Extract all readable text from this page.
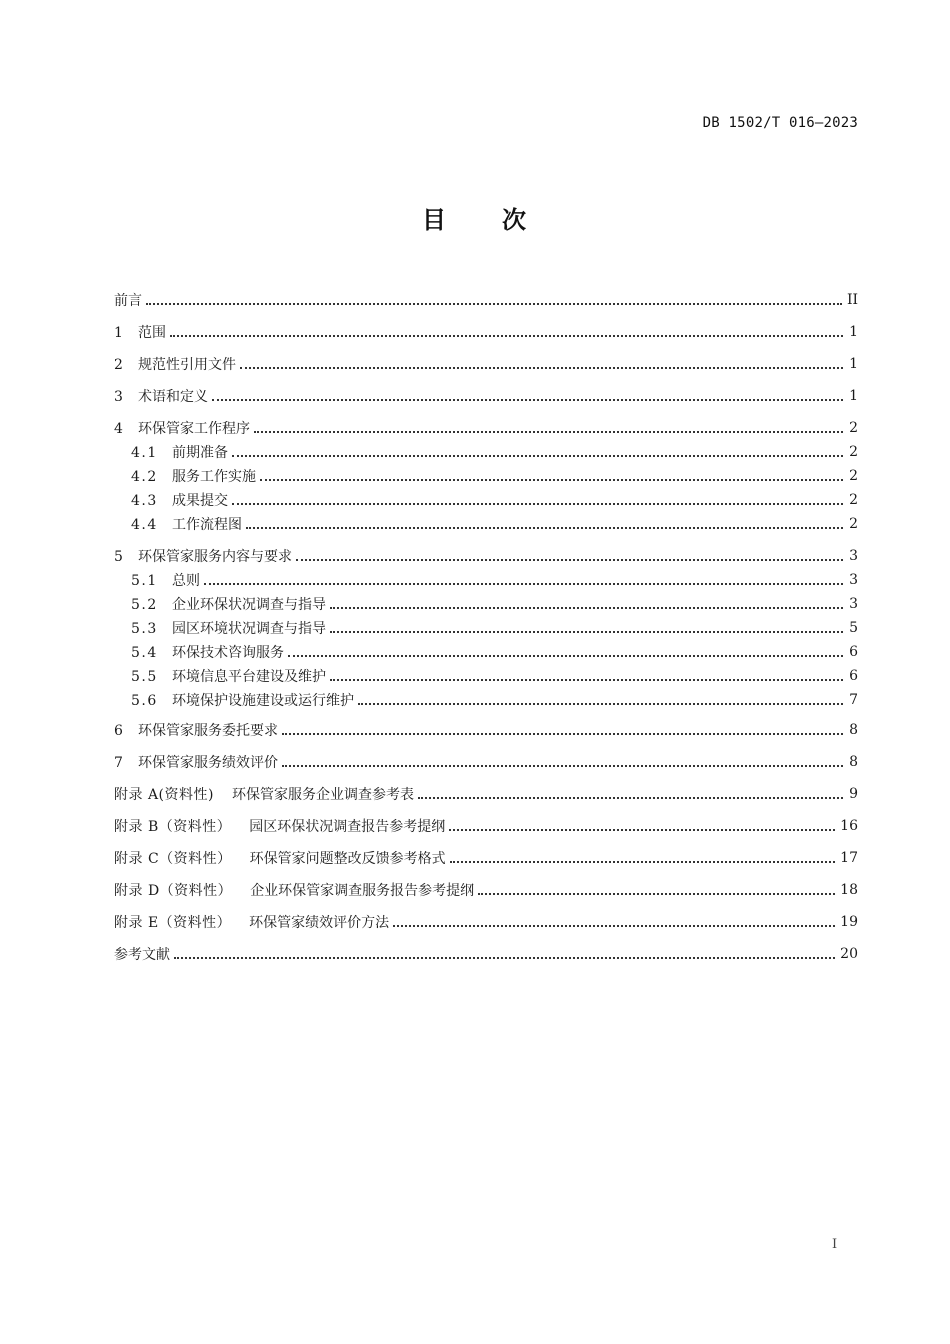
DB 1502/T 016—2023
目 次
前言	II
1 范围	1
2 规范性引用文件	1
3 术语和定义	1
4 环保管家工作程序	2
4.1 前期准备	2
4.2 服务工作实施	2
4.3 成果提交	2
4.4 工作流程图	2
5 环保管家服务内容与要求	3
5.1 总则	3
5.2 企业环保状况调查与指导	3
5.3 园区环境状况调查与指导	5
5.4 环保技术咨询服务	6
5.5 环境信息平台建设及维护	6
5.6 环境保护设施建设或运行维护	7
6 环保管家服务委托要求	8
7 环保管家服务绩效评价	8
附录 A(资料性) 环保管家服务企业调查参考表	9
附录 B（资料性） 园区环保状况调查报告参考提纲	16
附录 C（资料性） 环保管家问题整改反馈参考格式	17
附录 D（资料性） 企业环保管家调查服务报告参考提纲	18
附录 E（资料性） 环保管家绩效评价方法	19
参考文献	20
I
